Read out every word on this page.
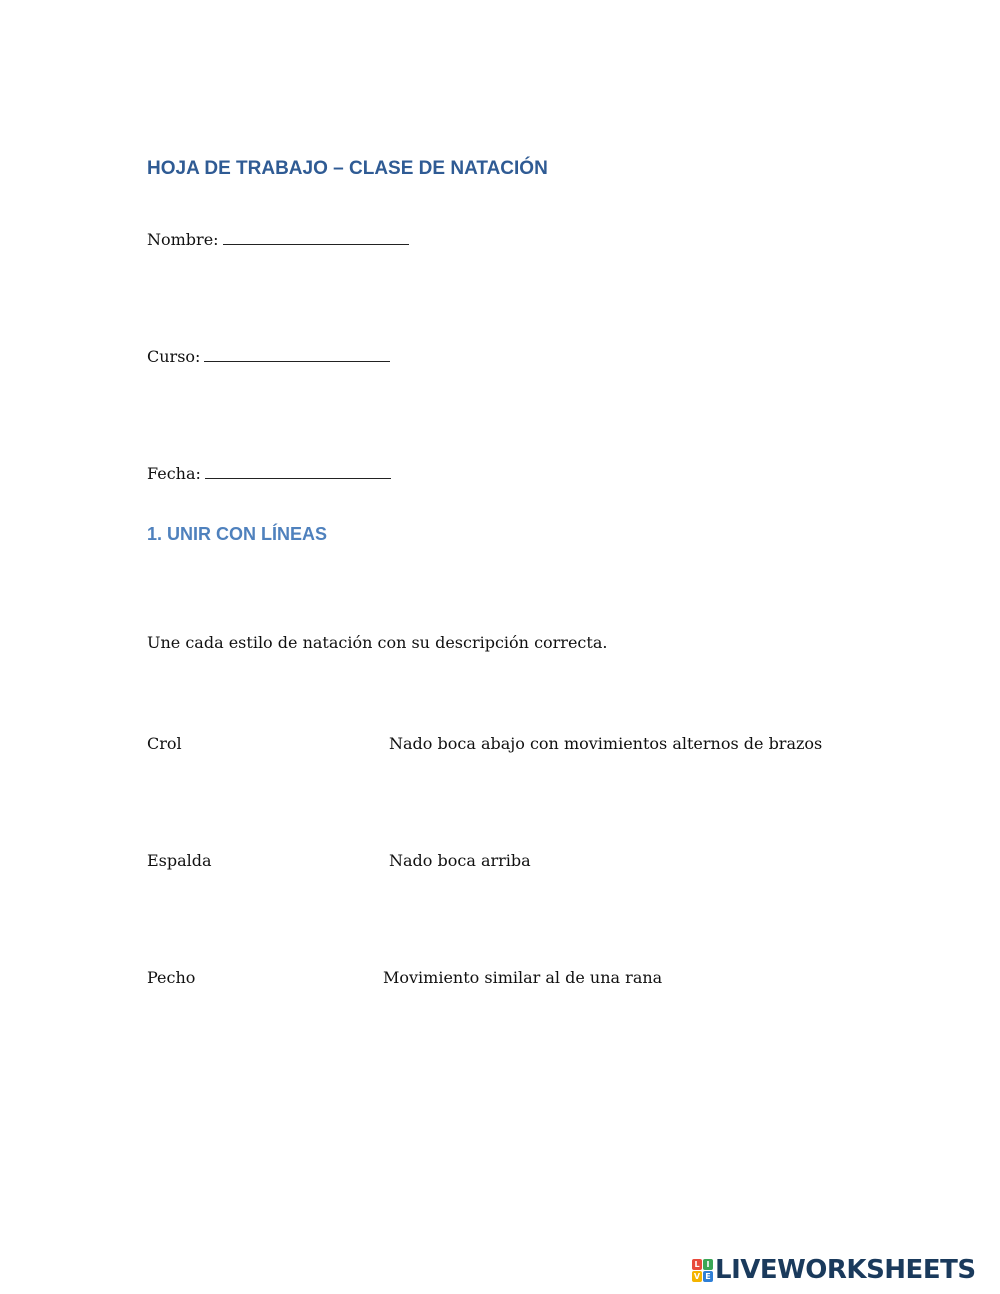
HOJA DE TRABAJO – CLASE DE NATACIÓN
Nombre:
Curso:
Fecha:
1. UNIR CON LÍNEAS
Une cada estilo de natación con su descripción correcta.
Crol	Nado boca abajo con movimientos alternos de brazos
Espalda	Nado boca arriba
Pecho	Movimiento similar al de una rana
L I
V E LIVEWORKSHEETS
